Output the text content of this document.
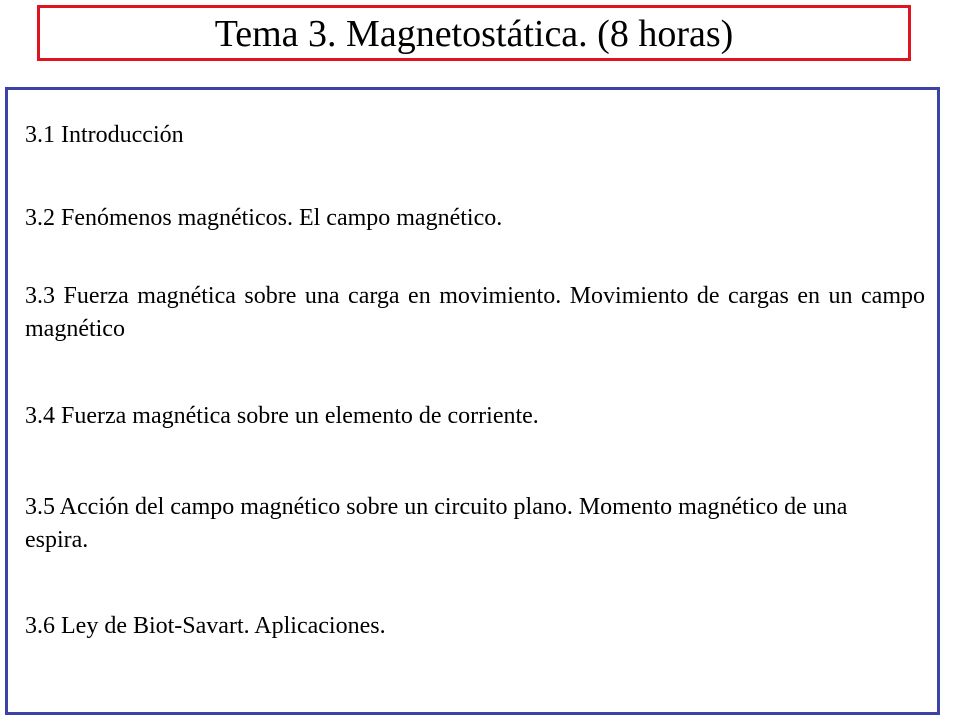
Tema 3. Magnetostática. (8 horas)

3.1 Introducción

3.2 Fenómenos magnéticos. El campo magnético.

3.3 Fuerza magnética sobre una carga en movimiento. Movimiento de cargas en un campo magnético

3.4 Fuerza magnética sobre un elemento de corriente.

3.5 Acción del campo magnético sobre un circuito plano. Momento magnético de una espira.

3.6 Ley de Biot-Savart. Aplicaciones.
